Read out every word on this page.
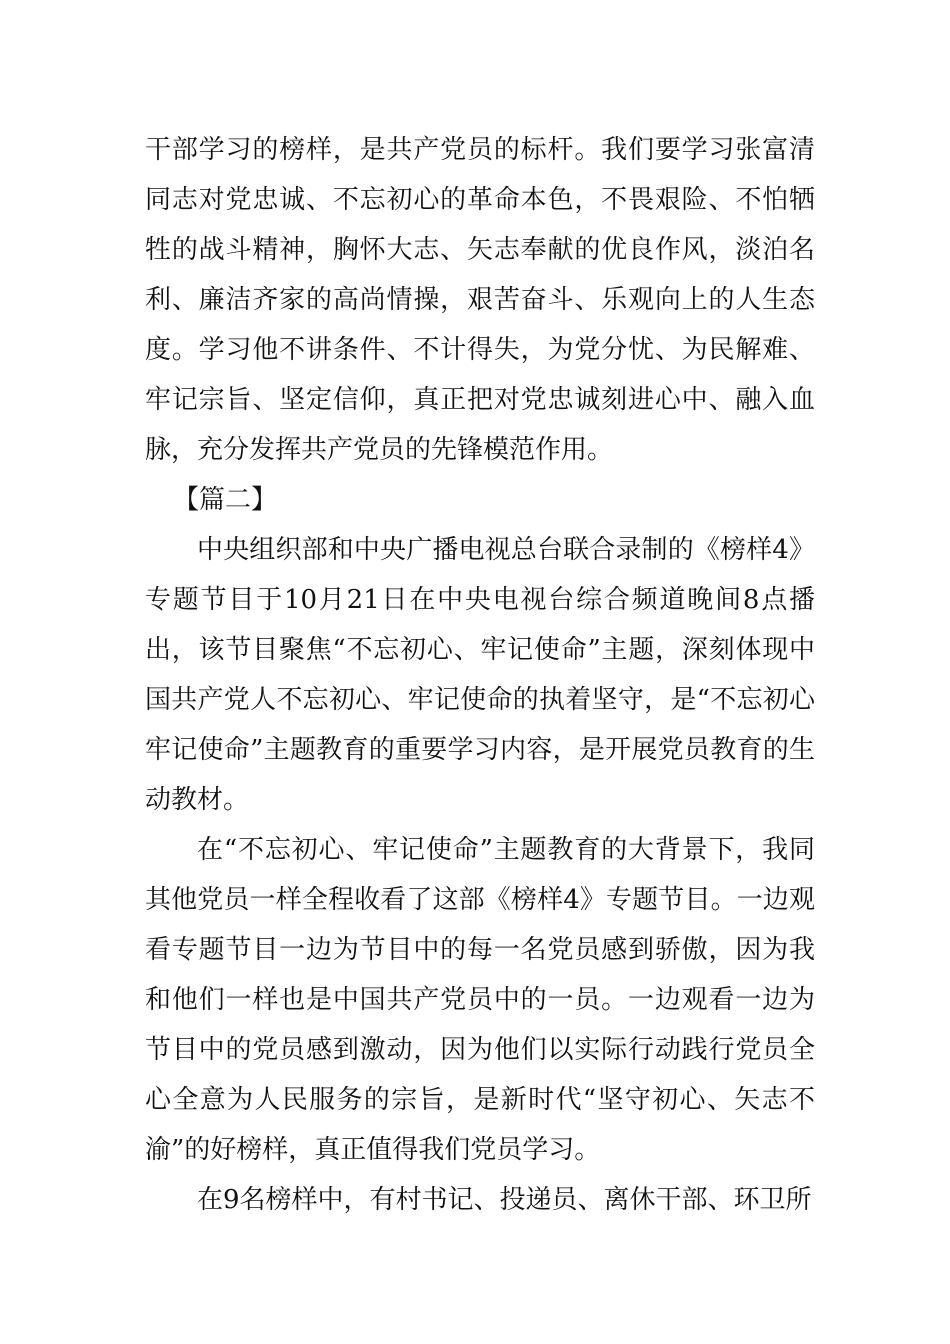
干部学习的榜样，是共产党员的标杆。我们要学习张富清同志对党忠诚、不忘初心的革命本色，不畏艰险、不怕牺牲的战斗精神，胸怀大志、矢志奉献的优良作风，淡泊名利、廉洁齐家的高尚情操，艰苦奋斗、乐观向上的人生态度。学习他不讲条件、不计得失，为党分忧、为民解难、牢记宗旨、坚定信仰，真正把对党忠诚刻进心中、融入血脉，充分发挥共产党员的先锋模范作用。

【篇二】

中央组织部和中央广播电视总台联合录制的《榜样4》专题节目于10月21日在中央电视台综合频道晚间8点播出，该节目聚焦“不忘初心、牢记使命”主题，深刻体现中国共产党人不忘初心、牢记使命的执着坚守，是“不忘初心牢记使命”主题教育的重要学习内容，是开展党员教育的生动教材。

在“不忘初心、牢记使命”主题教育的大背景下，我同其他党员一样全程收看了这部《榜样4》专题节目。一边观看专题节目一边为节目中的每一名党员感到骄傲，因为我和他们一样也是中国共产党员中的一员。一边观看一边为节目中的党员感到激动，因为他们以实际行动践行党员全心全意为人民服务的宗旨，是新时代“坚守初心、矢志不渝”的好榜样，真正值得我们党员学习。

在9名榜样中，有村书记、投递员、离休干部、环卫所
